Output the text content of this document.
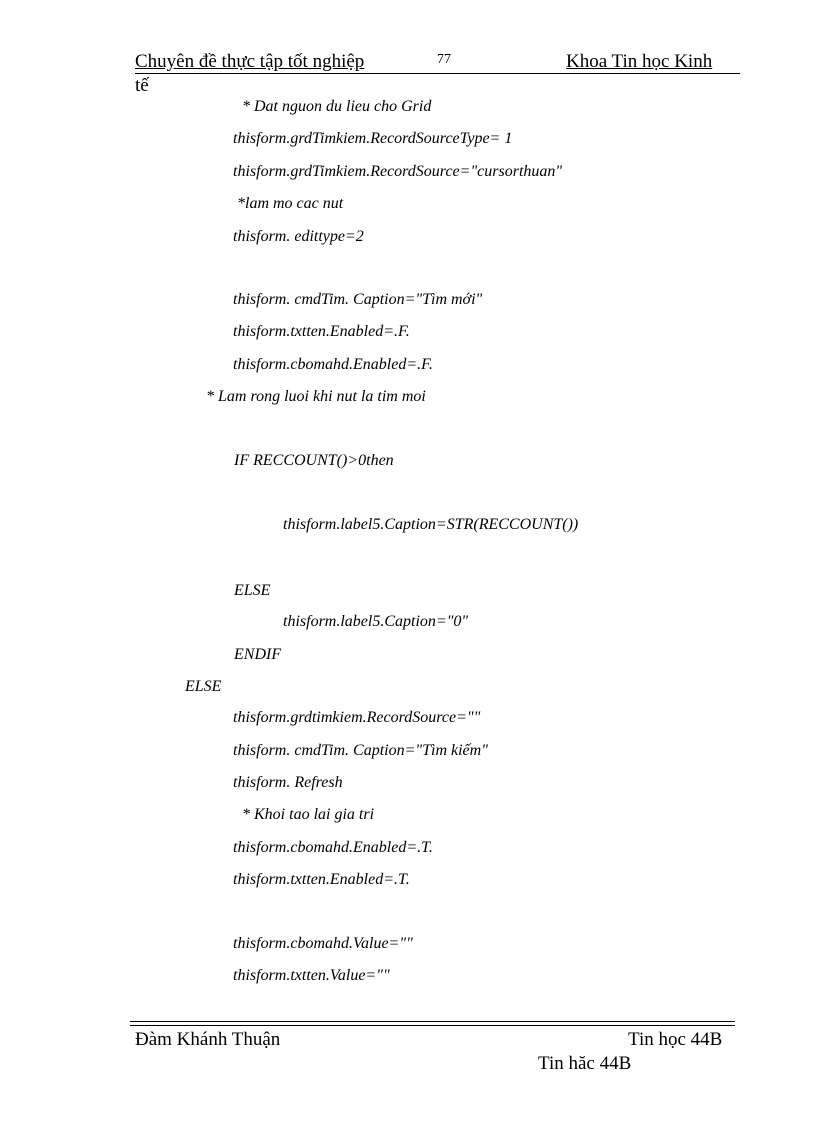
Chuyên đề thực tập tốt nghiệp	77	Khoa Tin học Kinh
tế
* Dat nguon du lieu cho Grid
thisform.grdTimkiem.RecordSourceType= 1
thisform.grdTimkiem.RecordSource="cursorthuan"
*lam mo cac nut
thisform. edittype=2
thisform. cmdTim. Caption="Tìm mới"
thisform.txtten.Enabled=.F.
thisform.cbomahd.Enabled=.F.
* Lam rong luoi khi nut la tim moi
IF RECCOUNT()>0then
thisform.label5.Caption=STR(RECCOUNT())
ELSE
thisform.label5.Caption="0"
ENDIF
ELSE
thisform.grdtimkiem.RecordSource=""
thisform. cmdTim. Caption="Tìm kiếm"
thisform. Refresh
* Khoi tao lai gia tri
thisform.cbomahd.Enabled=.T.
thisform.txtten.Enabled=.T.
thisform.cbomahd.Value=""
thisform.txtten.Value=""
Đàm Khánh Thuận	Tin học 44B
Tin hăc 44B
